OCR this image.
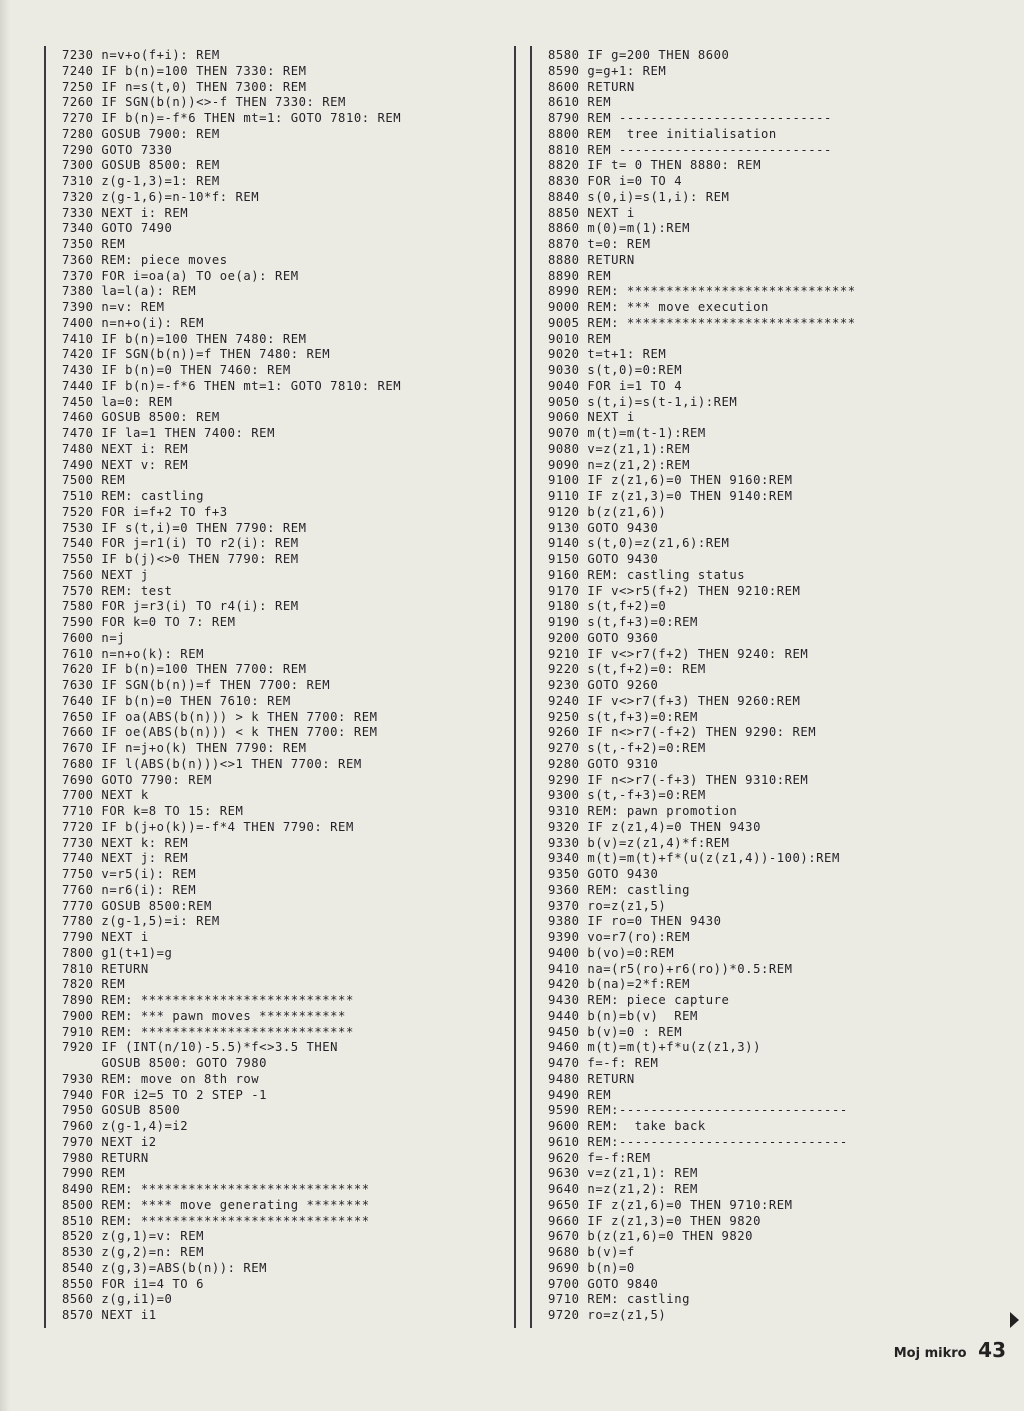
7230 n=v+o(f+i): REM
7240 IF b(n)=100 THEN 7330: REM
7250 IF n=s(t,0) THEN 7300: REM
7260 IF SGN(b(n))<>-f THEN 7330: REM
7270 IF b(n)=-f*6 THEN mt=1: GOTO 7810: REM
7280 GOSUB 7900: REM
7290 GOTO 7330
7300 GOSUB 8500: REM
7310 z(g-1,3)=1: REM
7320 z(g-1,6)=n-10*f: REM
7330 NEXT i: REM
7340 GOTO 7490
7350 REM
7360 REM: piece moves
7370 FOR i=oa(a) TO oe(a): REM
7380 la=l(a): REM
7390 n=v: REM
7400 n=n+o(i): REM
7410 IF b(n)=100 THEN 7480: REM
7420 IF SGN(b(n))=f THEN 7480: REM
7430 IF b(n)=0 THEN 7460: REM
7440 IF b(n)=-f*6 THEN mt=1: GOTO 7810: REM
7450 la=0: REM
7460 GOSUB 8500: REM
7470 IF la=1 THEN 7400: REM
7480 NEXT i: REM
7490 NEXT v: REM
7500 REM
7510 REM: castling
7520 FOR i=f+2 TO f+3
7530 IF s(t,i)=0 THEN 7790: REM
7540 FOR j=r1(i) TO r2(i): REM
7550 IF b(j)<>0 THEN 7790: REM
7560 NEXT j
7570 REM: test
7580 FOR j=r3(i) TO r4(i): REM
7590 FOR k=0 TO 7: REM
7600 n=j
7610 n=n+o(k): REM
7620 IF b(n)=100 THEN 7700: REM
7630 IF SGN(b(n))=f THEN 7700: REM
7640 IF b(n)=0 THEN 7610: REM
7650 IF oa(ABS(b(n))) > k THEN 7700: REM
7660 IF oe(ABS(b(n))) < k THEN 7700: REM
7670 IF n=j+o(k) THEN 7790: REM
7680 IF l(ABS(b(n)))<>1 THEN 7700: REM
7690 GOTO 7790: REM
7700 NEXT k
7710 FOR k=8 TO 15: REM
7720 IF b(j+o(k))=-f*4 THEN 7790: REM
7730 NEXT k: REM
7740 NEXT j: REM
7750 v=r5(i): REM
7760 n=r6(i): REM
7770 GOSUB 8500:REM
7780 z(g-1,5)=i: REM
7790 NEXT i
7800 g1(t+1)=g
7810 RETURN
7820 REM
7890 REM: ***************************
7900 REM: *** pawn moves ***********
7910 REM: ***************************
7920 IF (INT(n/10)-5.5)*f<>3.5 THEN
GOSUB 8500: GOTO 7980
7930 REM: move on 8th row
7940 FOR i2=5 TO 2 STEP -1
7950 GOSUB 8500
7960 z(g-1,4)=i2
7970 NEXT i2
7980 RETURN
7990 REM
8490 REM: *****************************
8500 REM: **** move generating ********
8510 REM: *****************************
8520 z(g,1)=v: REM
8530 z(g,2)=n: REM
8540 z(g,3)=ABS(b(n)): REM
8550 FOR i1=4 TO 6
8560 z(g,i1)=0
8570 NEXT i1
8580 IF g=200 THEN 8600
8590 g=g+1: REM
8600 RETURN
8610 REM
8790 REM ---------------------------
8800 REM  tree initialisation
8810 REM ---------------------------
8820 IF t= 0 THEN 8880: REM
8830 FOR i=0 TO 4
8840 s(0,i)=s(1,i): REM
8850 NEXT i
8860 m(0)=m(1):REM
8870 t=0: REM
8880 RETURN
8890 REM
8990 REM: *****************************
9000 REM: *** move execution
9005 REM: *****************************
9010 REM
9020 t=t+1: REM
9030 s(t,0)=0:REM
9040 FOR i=1 TO 4
9050 s(t,i)=s(t-1,i):REM
9060 NEXT i
9070 m(t)=m(t-1):REM
9080 v=z(z1,1):REM
9090 n=z(z1,2):REM
9100 IF z(z1,6)=0 THEN 9160:REM
9110 IF z(z1,3)=0 THEN 9140:REM
9120 b(z(z1,6))
9130 GOTO 9430
9140 s(t,0)=z(z1,6):REM
9150 GOTO 9430
9160 REM: castling status
9170 IF v<>r5(f+2) THEN 9210:REM
9180 s(t,f+2)=0
9190 s(t,f+3)=0:REM
9200 GOTO 9360
9210 IF v<>r7(f+2) THEN 9240: REM
9220 s(t,f+2)=0: REM
9230 GOTO 9260
9240 IF v<>r7(f+3) THEN 9260:REM
9250 s(t,f+3)=0:REM
9260 IF n<>r7(-f+2) THEN 9290: REM
9270 s(t,-f+2)=0:REM
9280 GOTO 9310
9290 IF n<>r7(-f+3) THEN 9310:REM
9300 s(t,-f+3)=0:REM
9310 REM: pawn promotion
9320 IF z(z1,4)=0 THEN 9430
9330 b(v)=z(z1,4)*f:REM
9340 m(t)=m(t)+f*(u(z(z1,4))-100):REM
9350 GOTO 9430
9360 REM: castling
9370 ro=z(z1,5)
9380 IF ro=0 THEN 9430
9390 vo=r7(ro):REM
9400 b(vo)=0:REM
9410 na=(r5(ro)+r6(ro))*0.5:REM
9420 b(na)=2*f:REM
9430 REM: piece capture
9440 b(n)=b(v)  REM
9450 b(v)=0 : REM
9460 m(t)=m(t)+f*u(z(z1,3))
9470 f=-f: REM
9480 RETURN
9490 REM
9590 REM:-----------------------------
9600 REM:  take back
9610 REM:-----------------------------
9620 f=-f:REM
9630 v=z(z1,1): REM
9640 n=z(z1,2): REM
9650 IF z(z1,6)=0 THEN 9710:REM
9660 IF z(z1,3)=0 THEN 9820
9670 b(z(z1,6)=0 THEN 9820
9680 b(v)=f
9690 b(n)=0
9700 GOTO 9840
9710 REM: castling
9720 ro=z(z1,5)
Moj mikro 43
